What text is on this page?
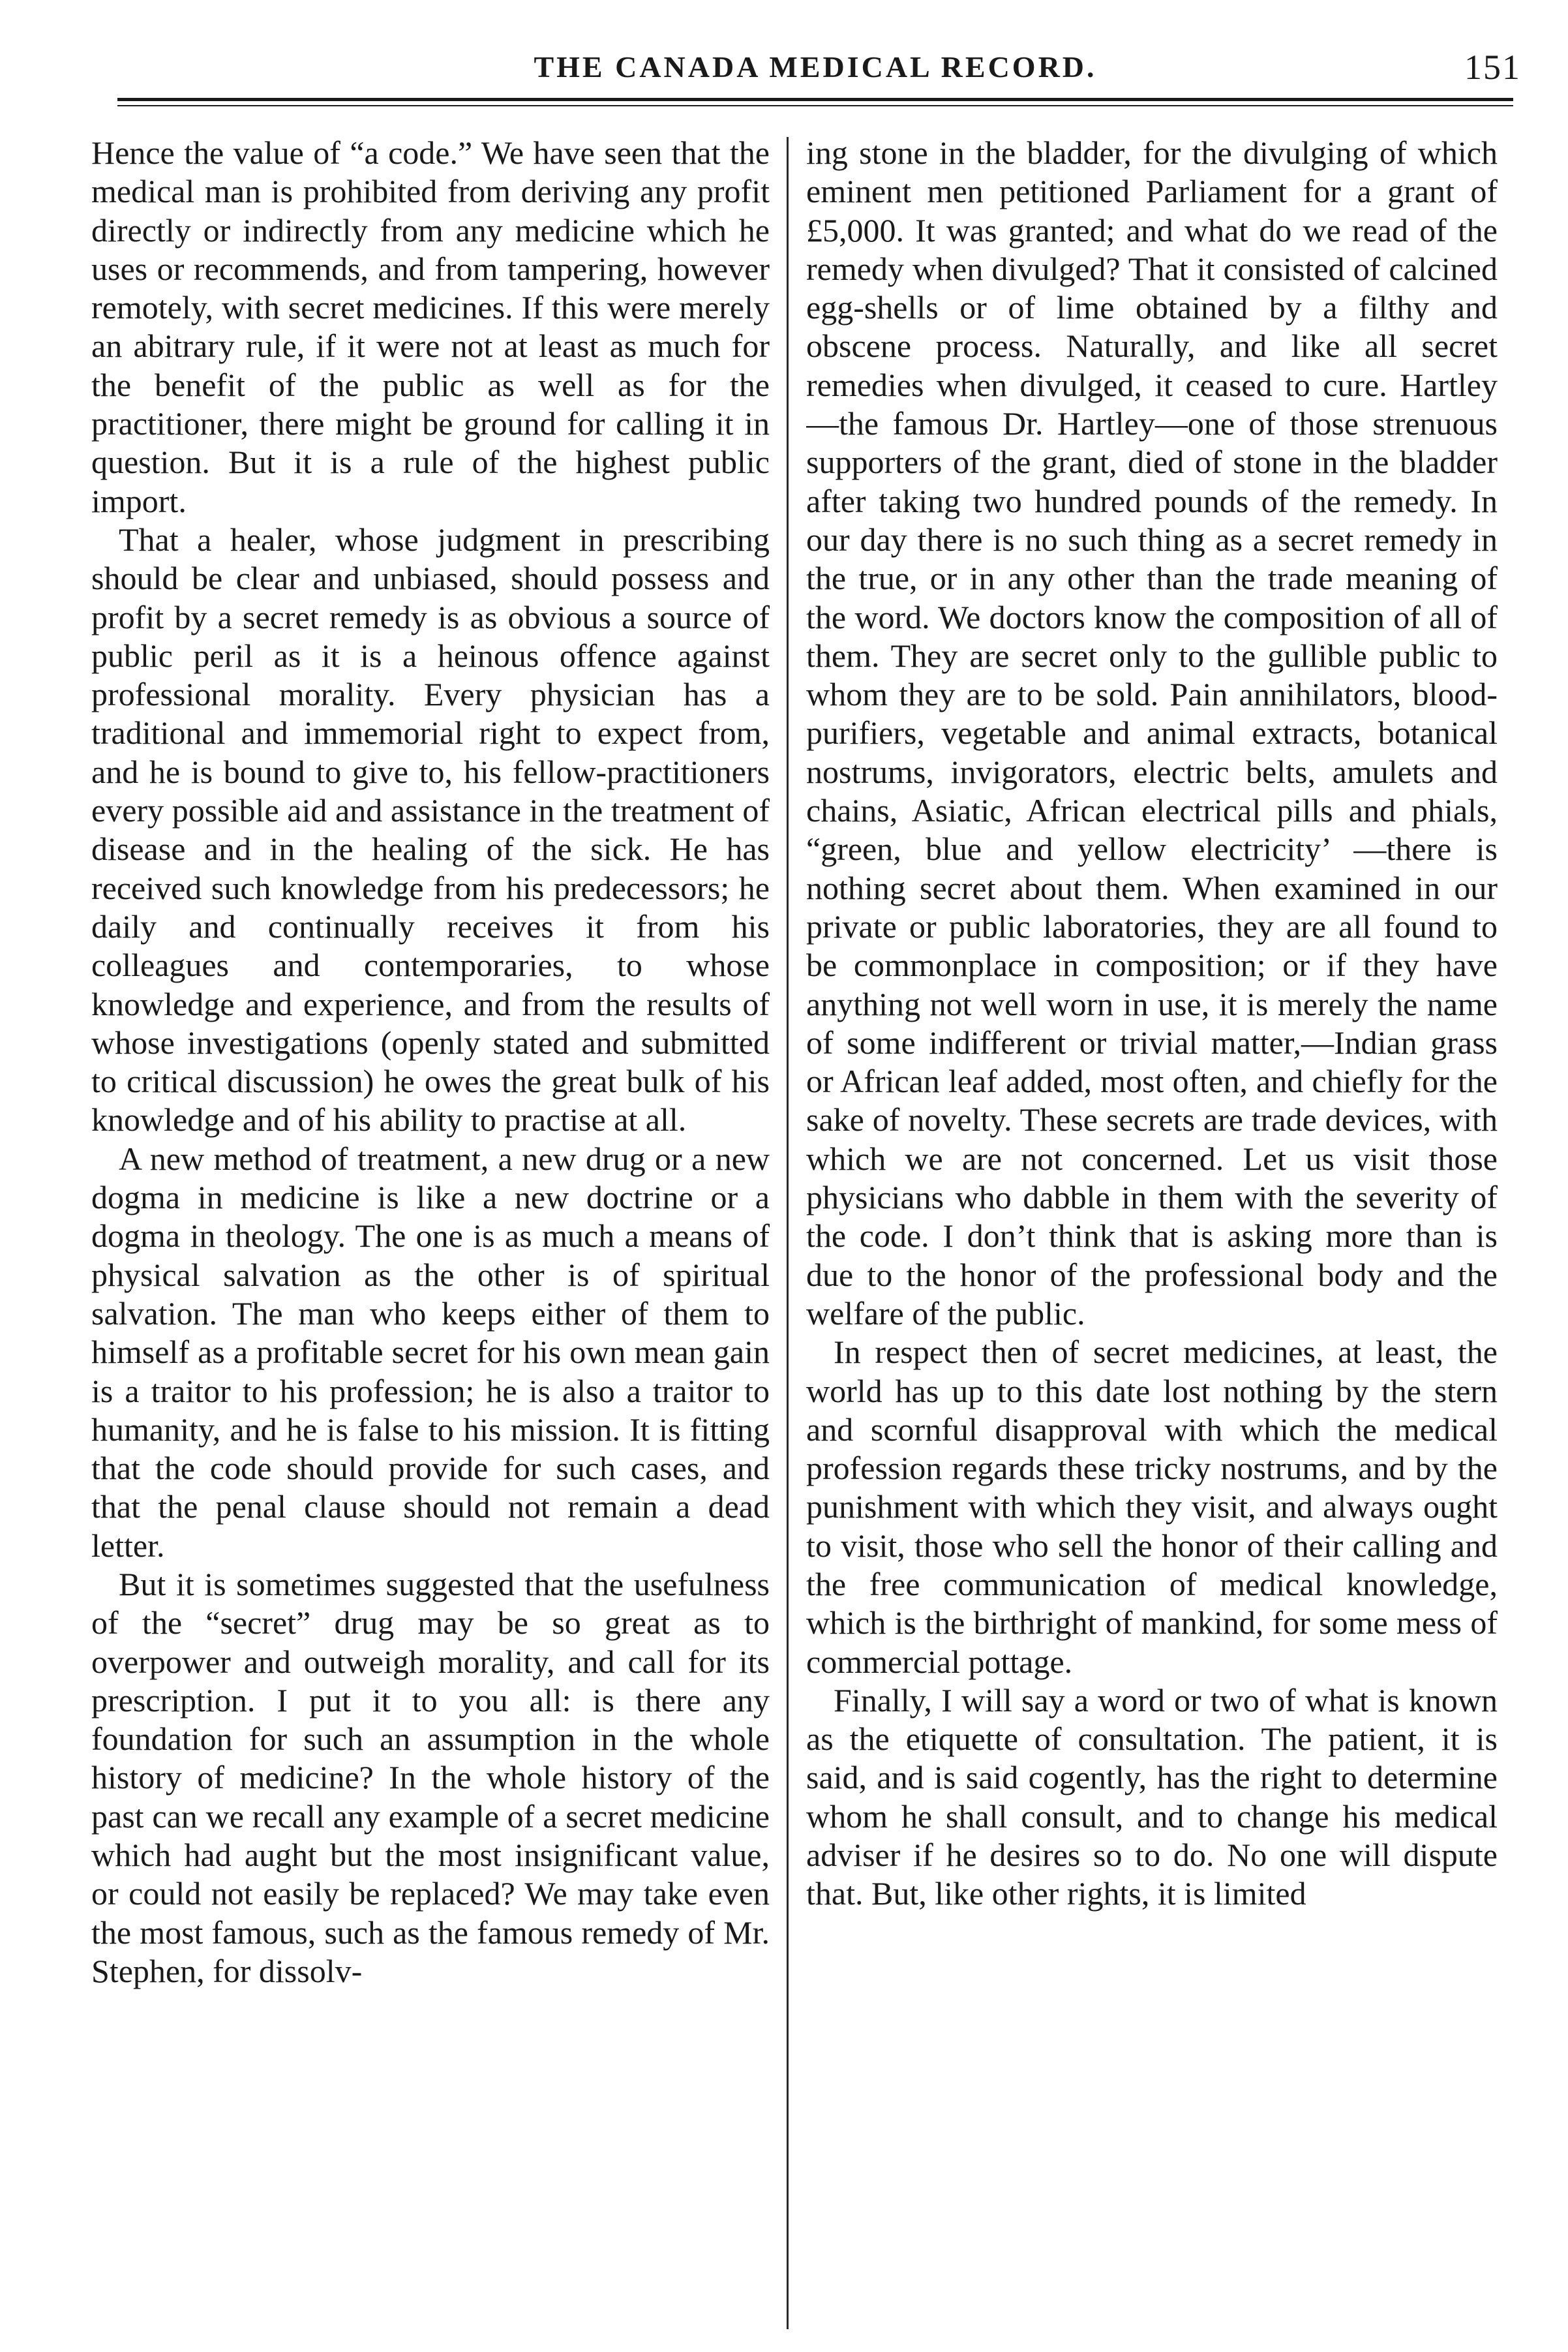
THE CANADA MEDICAL RECORD.	151

Hence the value of “a code.” We have seen that the medical man is prohibited from deriving any profit directly or indirectly from any medicine which he uses or recommends, and from tampering, however remotely, with secret medicines. If this were merely an abitrary rule, if it were not at least as much for the benefit of the public as well as for the practitioner, there might be ground for calling it in question. But it is a rule of the highest public import.

That a healer, whose judgment in prescribing should be clear and unbiased, should possess and profit by a secret remedy is as obvious a source of public peril as it is a heinous offence against professional morality. Every physician has a traditional and immemorial right to expect from, and he is bound to give to, his fellow-practitioners every possible aid and assistance in the treatment of disease and in the healing of the sick. He has received such knowledge from his predecessors; he daily and continually receives it from his colleagues and contemporaries, to whose knowledge and experience, and from the results of whose investigations (openly stated and submitted to critical discussion) he owes the great bulk of his knowledge and of his ability to practise at all.

A new method of treatment, a new drug or a new dogma in medicine is like a new doctrine or a dogma in theology. The one is as much a means of physical salvation as the other is of spiritual salvation. The man who keeps either of them to himself as a profitable secret for his own mean gain is a traitor to his profession; he is also a traitor to humanity, and he is false to his mission. It is fitting that the code should provide for such cases, and that the penal clause should not remain a dead letter.

But it is sometimes suggested that the usefulness of the “secret” drug may be so great as to overpower and outweigh morality, and call for its prescription. I put it to you all: is there any foundation for such an assumption in the whole history of medicine? In the whole history of the past can we recall any example of a secret medicine which had aught but the most insignificant value, or could not easily be replaced? We may take even the most famous, such as the famous remedy of Mr. Stephen, for dissolv-

ing stone in the bladder, for the divulging of which eminent men petitioned Parliament for a grant of £5,000. It was granted; and what do we read of the remedy when divulged? That it consisted of calcined egg-shells or of lime obtained by a filthy and obscene process. Naturally, and like all secret remedies when divulged, it ceased to cure. Hartley—the famous Dr. Hartley—one of those strenuous supporters of the grant, died of stone in the bladder after taking two hundred pounds of the remedy. In our day there is no such thing as a secret remedy in the true, or in any other than the trade meaning of the word. We doctors know the composition of all of them. They are secret only to the gullible public to whom they are to be sold. Pain annihilators, blood-purifiers, vegetable and animal extracts, botanical nostrums, invigorators, electric belts, amulets and chains, Asiatic, African electrical pills and phials, “green, blue and yellow electricity’ —there is nothing secret about them. When examined in our private or public laboratories, they are all found to be commonplace in composition; or if they have anything not well worn in use, it is merely the name of some indifferent or trivial matter,—Indian grass or African leaf added, most often, and chiefly for the sake of novelty. These secrets are trade devices, with which we are not concerned. Let us visit those physicians who dabble in them with the severity of the code. I don’t think that is asking more than is due to the honor of the professional body and the welfare of the public.

In respect then of secret medicines, at least, the world has up to this date lost nothing by the stern and scornful disapproval with which the medical profession regards these tricky nostrums, and by the punishment with which they visit, and always ought to visit, those who sell the honor of their calling and the free communication of medical knowledge, which is the birthright of mankind, for some mess of commercial pottage.

Finally, I will say a word or two of what is known as the etiquette of consultation. The patient, it is said, and is said cogently, has the right to determine whom he shall consult, and to change his medical adviser if he desires so to do. No one will dispute that. But, like other rights, it is limited
